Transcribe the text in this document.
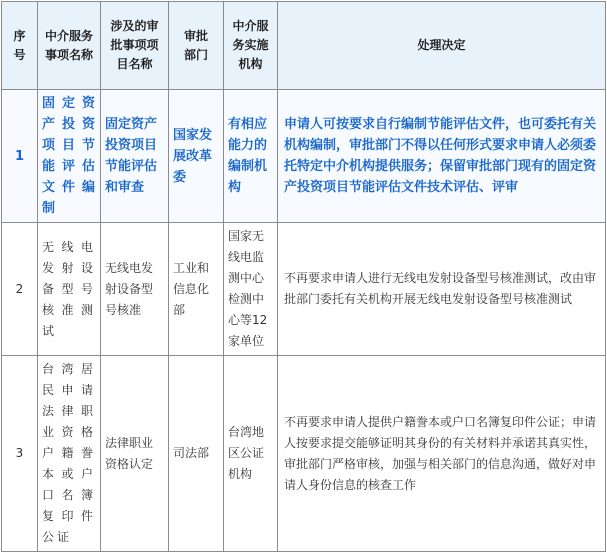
序号	中介服务事项名称	涉及的审批事项项目名称	审批部门	中介服务实施机构	处理决定
1	固定资产投资项目节能评估文件编制	固定资产投资项目节能评估和审查	国家发展改革委	有相应能力的编制机构	申请人可按要求自行编制节能评估文件，也可委托有关机构编制，审批部门不得以任何形式要求申请人必须委托特定中介机构提供服务；保留审批部门现有的固定资产投资项目节能评估文件技术评估、评审
2	无线电发射设备型号核准测试	无线电发射设备型号核准	工业和信息化部	国家无线电监测中心检测中心等12家单位	不再要求申请人进行无线电发射设备型号核准测试，改由审批部门委托有关机构开展无线电发射设备型号核准测试
3	台湾居民申请法律职业资格户籍誊本或户口名簿复印件公证	法律职业资格认定	司法部	台湾地区公证机构	不再要求申请人提供户籍誊本或户口名簿复印件公证；申请人按要求提交能够证明其身份的有关材料并承诺其真实性，审批部门严格审核，加强与相关部门的信息沟通，做好对申请人身份信息的核查工作
